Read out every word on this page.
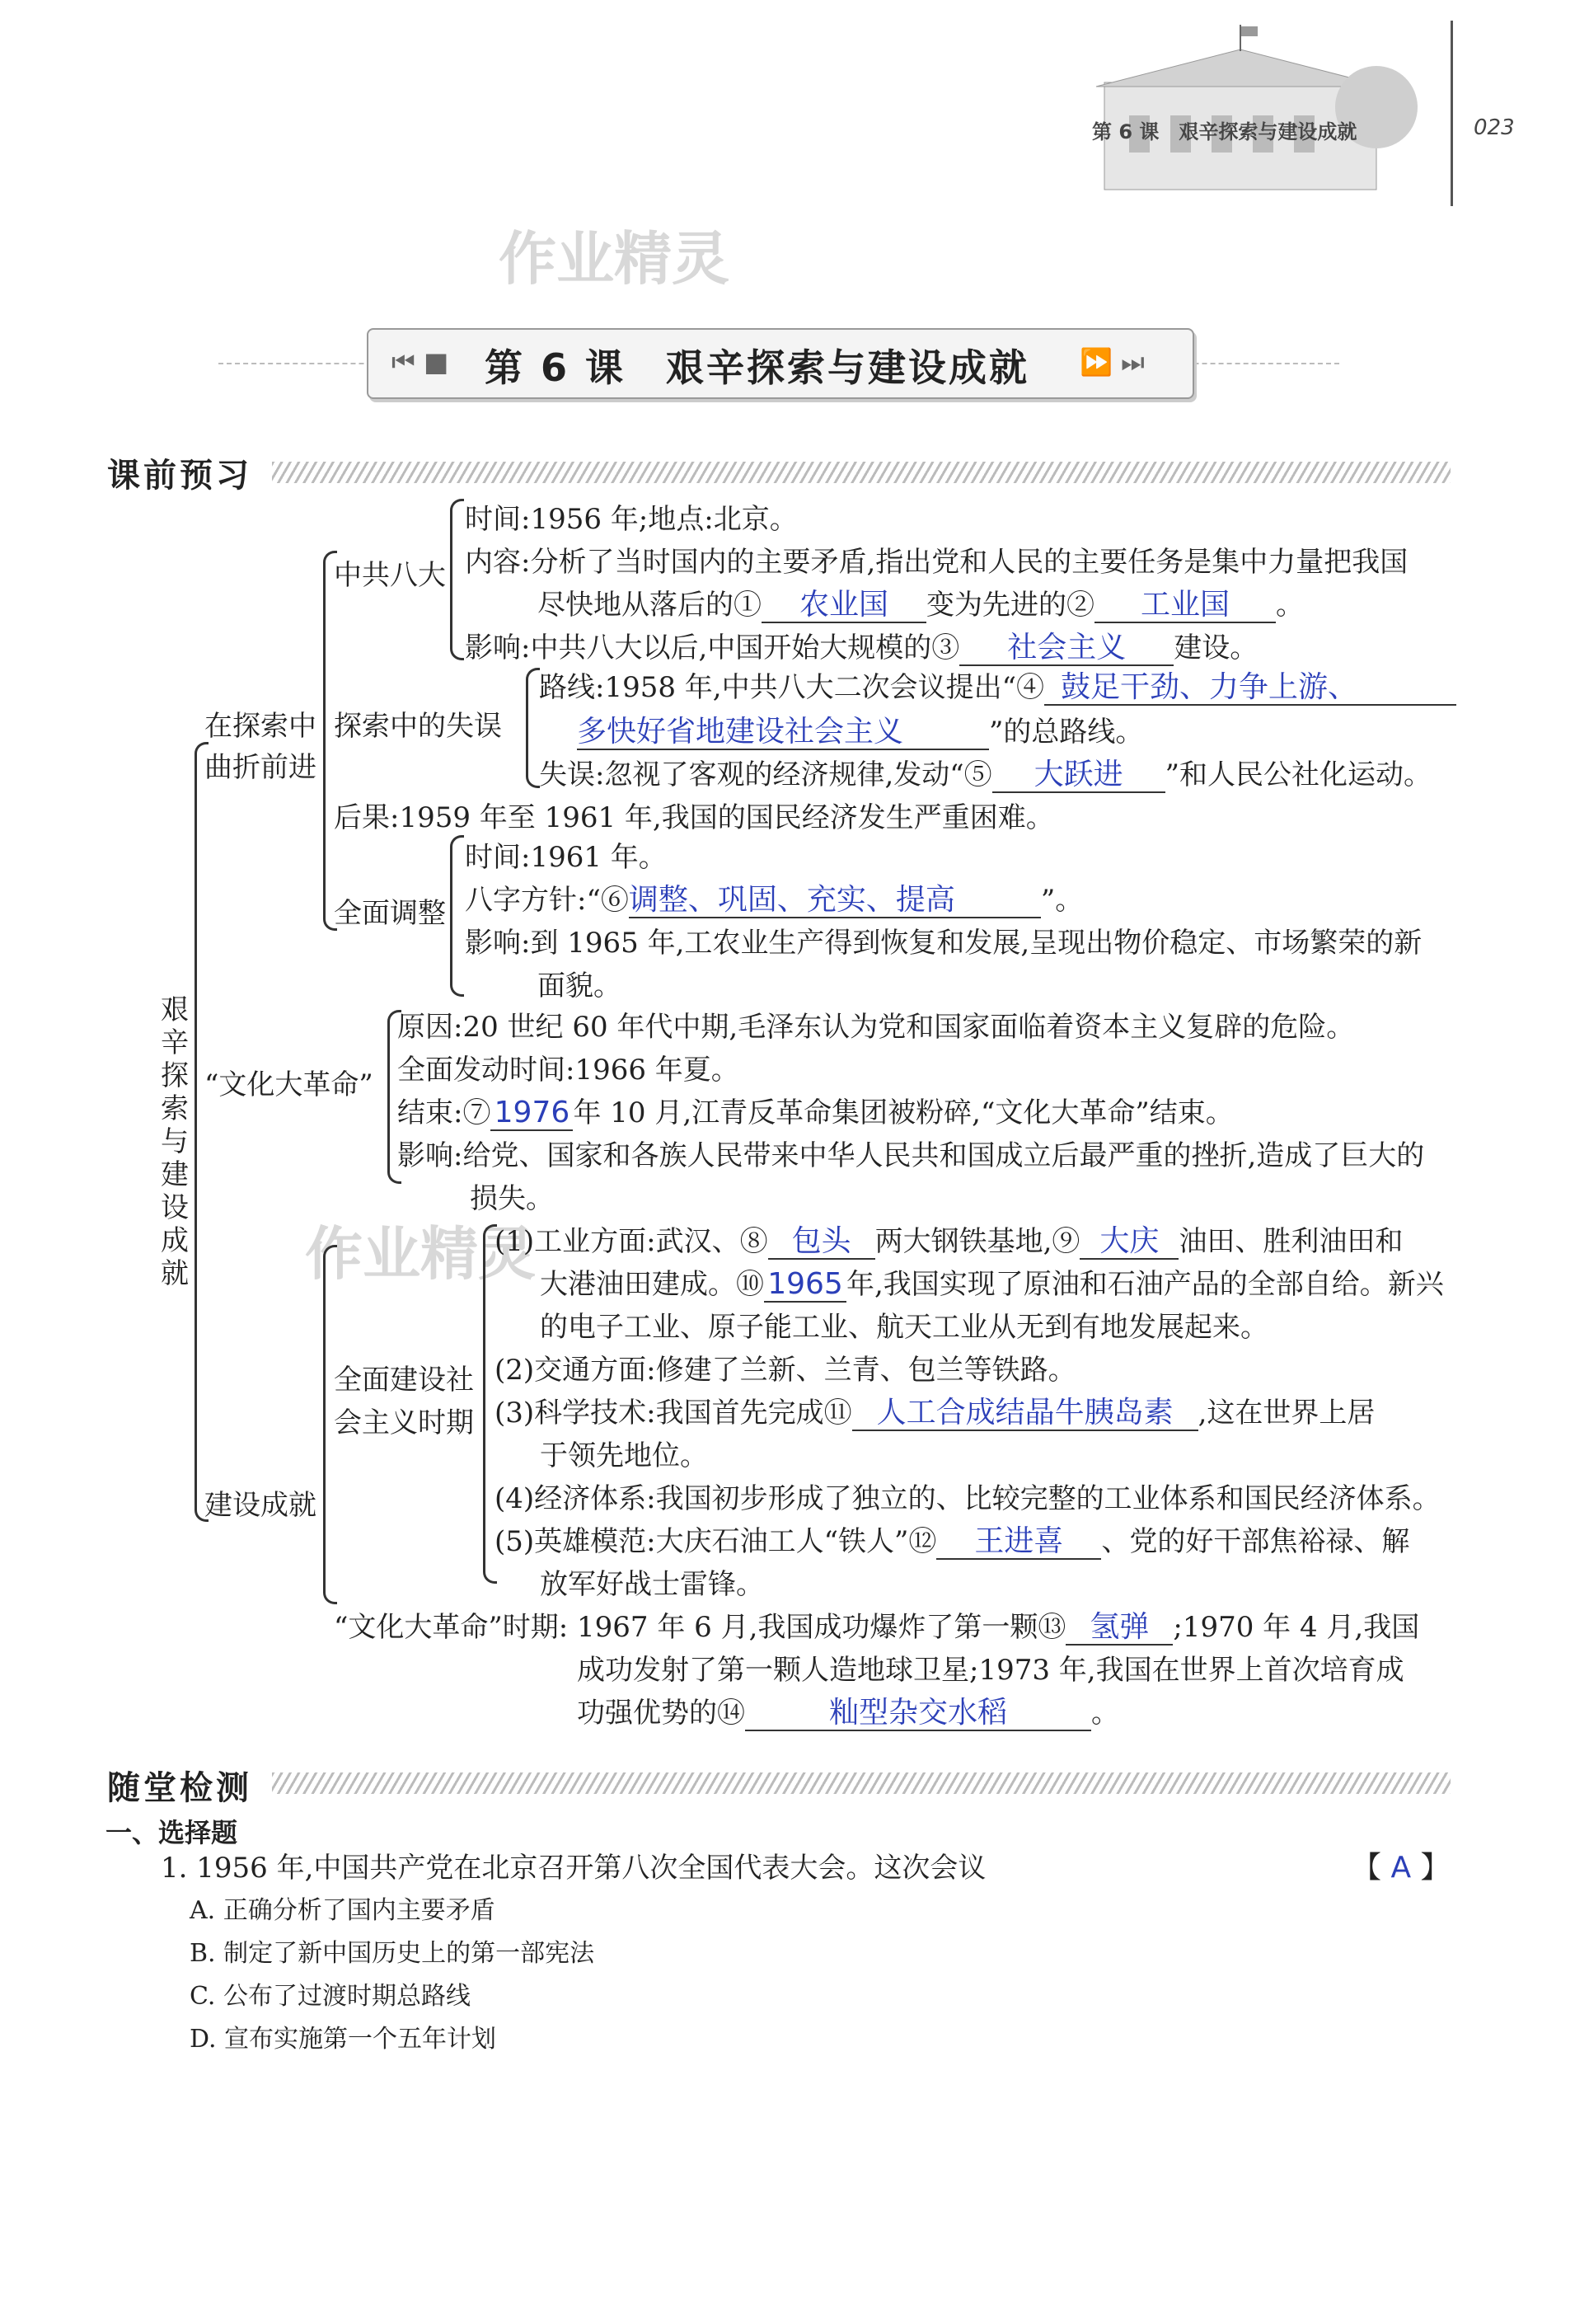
第 6 课　艰辛探索与建设成就	023
作业精灵
作业精灵
⏮ ■ 第 6 课　艰辛探索与建设成就 ⏩ ⏭
课前预习
艰辛探索与建设成就
在探索中曲折前进
中共八大
探索中的失误
全面调整
“文化大革命”
建设成就
全面建设社会主义时期
“文化大革命”时期:
时间:1956 年;地点:北京。
内容:分析了当时国内的主要矛盾,指出党和人民的主要任务是集中力量把我国
尽快地从落后的① 农业国 变为先进的② 工业国 。
影响:中共八大以后,中国开始大规模的③ 社会主义 建设。
路线:1958 年,中共八大二次会议提出“④ 鼓足干劲、力争上游、
多快好省地建设社会主义	”的总路线。
失误:忽视了客观的经济规律,发动“⑤ 大跃进 ”和人民公社化运动。
后果:1959 年至 1961 年,我国的国民经济发生严重困难。
时间:1961 年。
八字方针:“⑥调整、巩固、充实、提高	”。
影响:到 1965 年,工农业生产得到恢复和发展,呈现出物价稳定、市场繁荣的新
面貌。
原因:20 世纪 60 年代中期,毛泽东认为党和国家面临着资本主义复辟的危险。
全面发动时间:1966 年夏。
结束:⑦ 1976 年 10 月,江青反革命集团被粉碎,“文化大革命”结束。
影响:给党、国家和各族人民带来中华人民共和国成立后最严重的挫折,造成了巨大的
损失。
(1)工业方面:武汉、⑧ 包头 两大钢铁基地,⑨ 大庆 油田、胜利油田和
大港油田建成。⑩ 1965 年,我国实现了原油和石油产品的全部自给。新兴
的电子工业、原子能工业、航天工业从无到有地发展起来。
(2)交通方面:修建了兰新、兰青、包兰等铁路。
(3)科学技术:我国首先完成⑪ 人工合成结晶牛胰岛素 ,这在世界上居
于领先地位。
(4)经济体系:我国初步形成了独立的、比较完整的工业体系和国民经济体系。
(5)英雄模范:大庆石油工人“铁人”⑫ 王进喜 、党的好干部焦裕禄、解
放军好战士雷锋。
1967 年 6 月,我国成功爆炸了第一颗⑬ 氢弹 ;1970 年 4 月,我国
成功发射了第一颗人造地球卫星;1973 年,我国在世界上首次培育成
功强优势的⑭	籼型杂交水稻	。
随堂检测
一、选择题
1. 1956 年,中国共产党在北京召开第八次全国代表大会。这次会议	【 A 】
A. 正确分析了国内主要矛盾
B. 制定了新中国历史上的第一部宪法
C. 公布了过渡时期总路线
D. 宣布实施第一个五年计划
